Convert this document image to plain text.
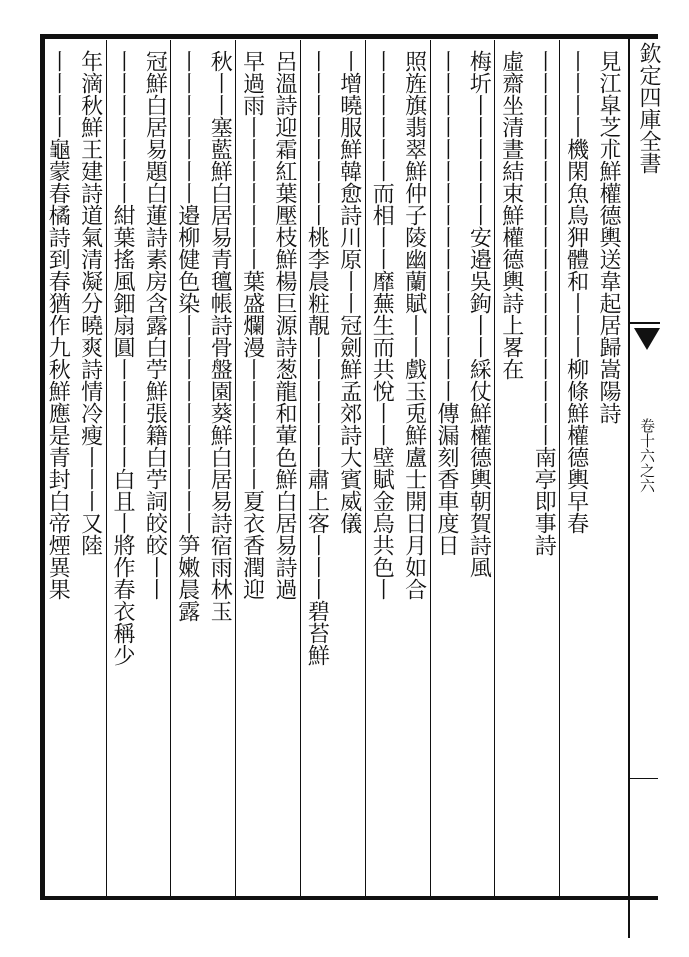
欽定四庫全書
卷十六之六
見江皐芝朮鮮權德輿送韋起居歸嵩陽詩
丨丨丨丨機閑魚鳥狎體和丨丨丨柳條鮮權德輿早春
丨丨丨丨丨丨丨丨丨丨丨丨丨丨丨丨丨丨南亭即事詩
虛齋坐清晝結束鮮權德輿詩上畧在
梅圻丨丨丨丨丨丨安邉吳鉤丨丨綵仗鮮權德輿朝賀詩風
丨丨丨丨丨丨丨丨丨丨丨丨丨丨丨丨傳漏刻香車度日
照旌旗翡翠鮮仲子陵幽蘭賦丨丨戲玉兎鮮盧士開日月如合
丨丨丨丨丨丨而相丨丨靡蕪生而共悅丨丨壁賦金烏共色丨
丨增曉服鮮韓愈詩川原丨丨冠劍鮮孟郊詩大賓威儀
丨丨丨丨丨丨丨丨桃李晨粧靚丨丨丨丨丨丨肅上客丨丨丨碧苔鮮
呂溫詩迎霜紅葉壓枝鮮楊巨源詩葱龍和葷色鮮白居易詩過
早過雨丨丨丨丨丨丨丨葉盛爛漫丨丨丨丨丨丨夏衣香潤迎
秋丨丨塞藍鮮白居易青氊帳詩骨盤園葵鮮白居易詩宿雨林玉
丨丨丨丨丨丨丨邉柳健色染丨丨丨丨丨丨丨丨丨丨笋嫩晨露
冠鮮白居易題白蓮詩素房含露白苧鮮張籍白苧詞皎皎丨丨
丨丨丨丨丨丨丨紺葉搖風鈿扇圓丨丨丨丨丨白且丨將作春衣稱少
年滴秋鮮王建詩道氣清凝分曉爽詩情冷瘦丨丨丨又陸
丨丨丨丨龜蒙春橘詩到春猶作九秋鮮應是青封白帝煙異果
